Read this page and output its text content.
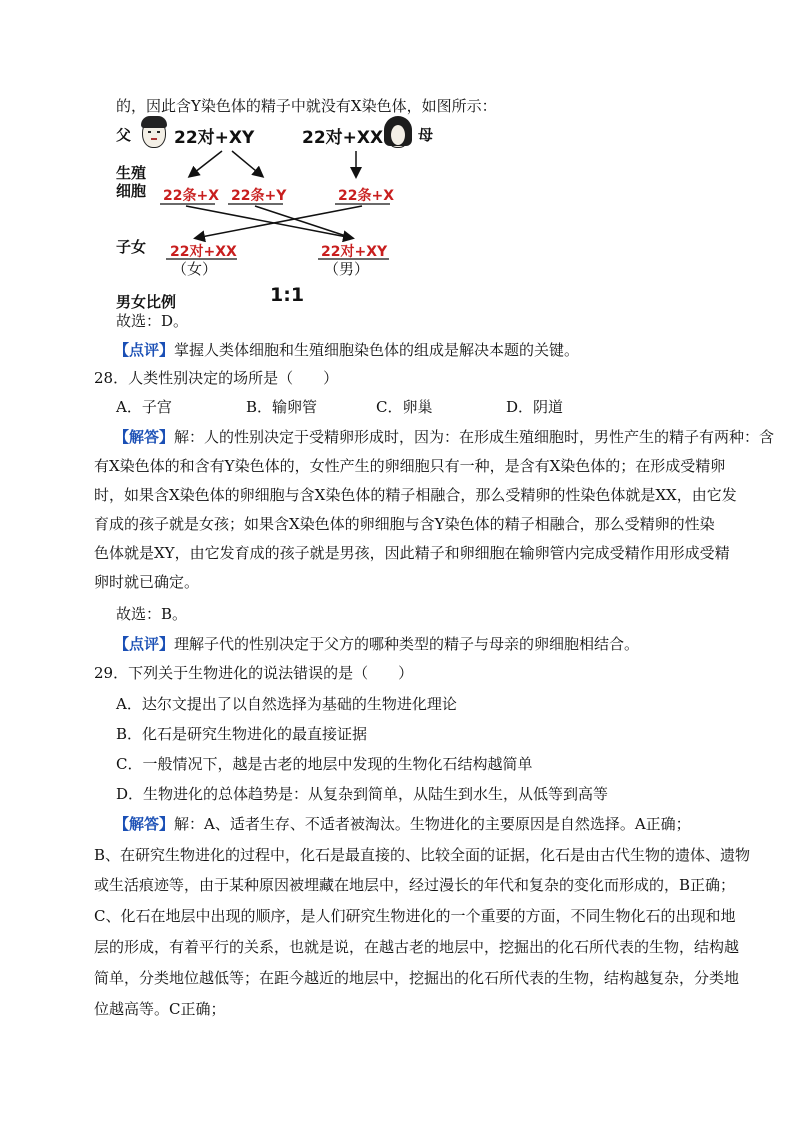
的，因此含Y染色体的精子中就没有X染色体，如图所示：
父	22对+XY	22对+XX 母
生殖
细胞 22条+X 22条+Y	22条+X
子女 22对+XX
（女）
22对+XY
（男）
男女比例	1:1
故选：D。
【点评】掌握人类体细胞和生殖细胞染色体的组成是解决本题的关键。
28．人类性别决定的场所是（　　）
A．子宫	B．输卵管	C．卵巢	D．阴道
【解答】解：人的性别决定于受精卵形成时，因为：在形成生殖细胞时，男性产生的精子有两种：含
有X染色体的和含有Y染色体的，女性产生的卵细胞只有一种，是含有X染色体的；在形成受精卵
时，如果含X染色体的卵细胞与含X染色体的精子相融合，那么受精卵的性染色体就是XX，由它发
育成的孩子就是女孩；如果含X染色体的卵细胞与含Y染色体的精子相融合，那么受精卵的性染
色体就是XY，由它发育成的孩子就是男孩，因此精子和卵细胞在输卵管内完成受精作用形成受精
卵时就已确定。
故选：B。
【点评】理解子代的性别决定于父方的哪种类型的精子与母亲的卵细胞相结合。
29．下列关于生物进化的说法错误的是（　　）
A．达尔文提出了以自然选择为基础的生物进化理论
B．化石是研究生物进化的最直接证据
C．一般情况下，越是古老的地层中发现的生物化石结构越简单
D．生物进化的总体趋势是：从复杂到简单，从陆生到水生，从低等到高等
【解答】解：A、适者生存、不适者被淘汰。生物进化的主要原因是自然选择。A正确；
B、在研究生物进化的过程中，化石是最直接的、比较全面的证据，化石是由古代生物的遗体、遗物
或生活痕迹等，由于某种原因被埋藏在地层中，经过漫长的年代和复杂的变化而形成的，B正确；
C、化石在地层中出现的顺序，是人们研究生物进化的一个重要的方面，不同生物化石的出现和地
层的形成，有着平行的关系，也就是说，在越古老的地层中，挖掘出的化石所代表的生物，结构越
简单，分类地位越低等；在距今越近的地层中，挖掘出的化石所代表的生物，结构越复杂，分类地
位越高等。C正确；
